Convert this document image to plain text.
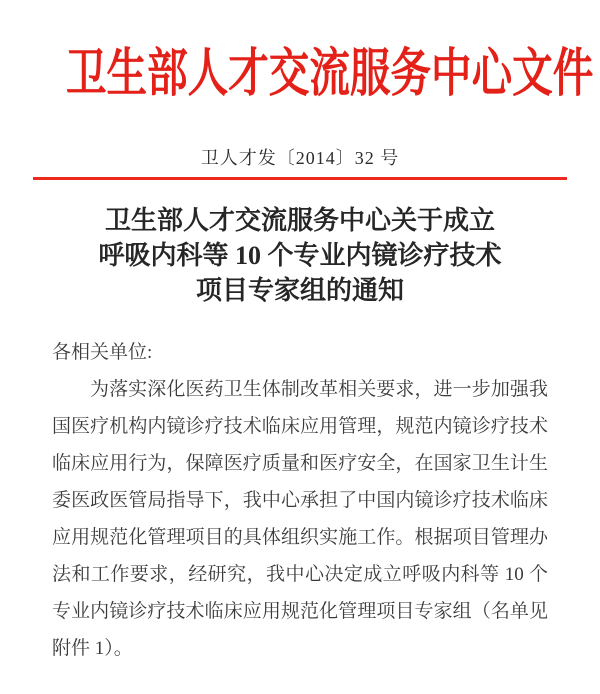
卫生部人才交流服务中心文件
卫人才发〔2014〕32 号
卫生部人才交流服务中心关于成立
呼吸内科等 10 个专业内镜诊疗技术
项目专家组的通知
各相关单位:
为落实深化医药卫生体制改革相关要求，进一步加强我
国医疗机构内镜诊疗技术临床应用管理，规范内镜诊疗技术
临床应用行为，保障医疗质量和医疗安全，在国家卫生计生
委医政医管局指导下，我中心承担了中国内镜诊疗技术临床
应用规范化管理项目的具体组织实施工作。根据项目管理办
法和工作要求，经研究，我中心决定成立呼吸内科等 10 个
专业内镜诊疗技术临床应用规范化管理项目专家组（名单见
附件 1）。
